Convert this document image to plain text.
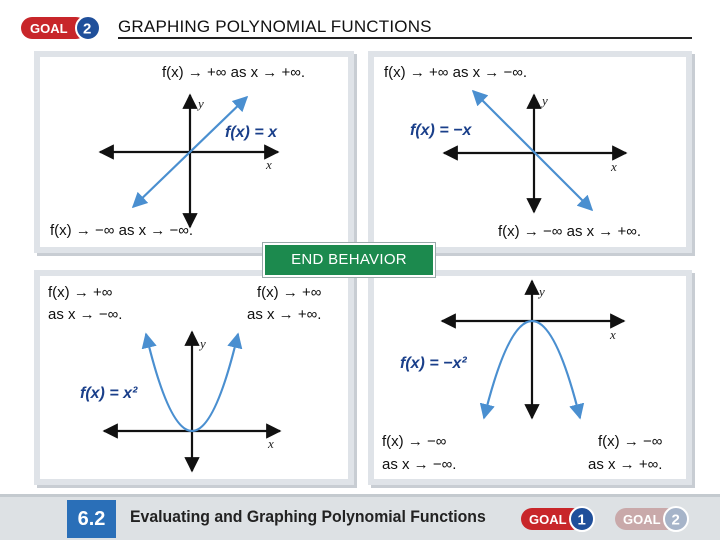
GOAL 2 GRAPHING POLYNOMIAL FUNCTIONS
y
x
f(x) = x
f(x) → +∞ as x → +∞.
f(x) → −∞ as x → −∞.
y
x
f(x) = −x
f(x) → +∞ as x → −∞.
f(x) → −∞ as x → +∞.
y
x
f(x) = x²
f(x) → +∞
as x → −∞.
f(x) → +∞
as x → +∞.
y
x
f(x) = −x²
f(x) → −∞
as x → −∞.
f(x) → −∞
as x → +∞.
END BEHAVIOR
6.2	Evaluating and Graphing Polynomial Functions	GOAL 1	GOAL 2
